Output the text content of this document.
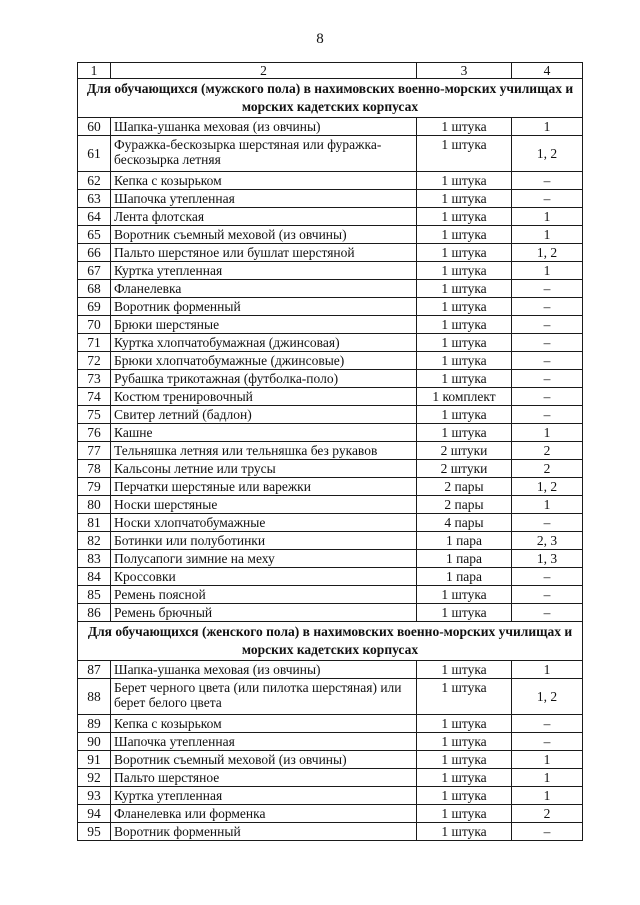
8
1	2	3	4
Для обучающихся (мужского пола) в нахимовских военно-морских училищах и морских кадетских корпусах			
60	Шапка-ушанка меховая (из овчины)	1 штука	1
61	Фуражка-бескозырка шерстяная или фуражка-бескозырка летняя	1 штука	1, 2
62	Кепка с козырьком	1 штука	–
63	Шапочка утепленная	1 штука	–
64	Лента флотская	1 штука	1
65	Воротник съемный меховой (из овчины)	1 штука	1
66	Пальто шерстяное или бушлат шерстяной	1 штука	1, 2
67	Куртка утепленная	1 штука	1
68	Фланелевка	1 штука	–
69	Воротник форменный	1 штука	–
70	Брюки шерстяные	1 штука	–
71	Куртка хлопчатобумажная (джинсовая)	1 штука	–
72	Брюки хлопчатобумажные (джинсовые)	1 штука	–
73	Рубашка трикотажная (футболка-поло)	1 штука	–
74	Костюм тренировочный	1 комплект	–
75	Свитер летний (бадлон)	1 штука	–
76	Кашне	1 штука	1
77	Тельняшка летняя или тельняшка без рукавов	2 штуки	2
78	Кальсоны летние или трусы	2 штуки	2
79	Перчатки шерстяные или варежки	2 пары	1, 2
80	Носки шерстяные	2 пары	1
81	Носки хлопчатобумажные	4 пары	–
82	Ботинки или полуботинки	1 пара	2, 3
83	Полусапоги зимние на меху	1 пара	1, 3
84	Кроссовки	1 пара	–
85	Ремень поясной	1 штука	–
86	Ремень брючный	1 штука	–
Для обучающихся (женского пола) в нахимовских военно-морских училищах и морских кадетских корпусах			
87	Шапка-ушанка меховая (из овчины)	1 штука	1
88	Берет черного цвета (или пилотка шерстяная) или берет белого цвета	1 штука	1, 2
89	Кепка с козырьком	1 штука	–
90	Шапочка утепленная	1 штука	–
91	Воротник съемный меховой (из овчины)	1 штука	1
92	Пальто шерстяное	1 штука	1
93	Куртка утепленная	1 штука	1
94	Фланелевка или форменка	1 штука	2
95	Воротник форменный	1 штука	–
